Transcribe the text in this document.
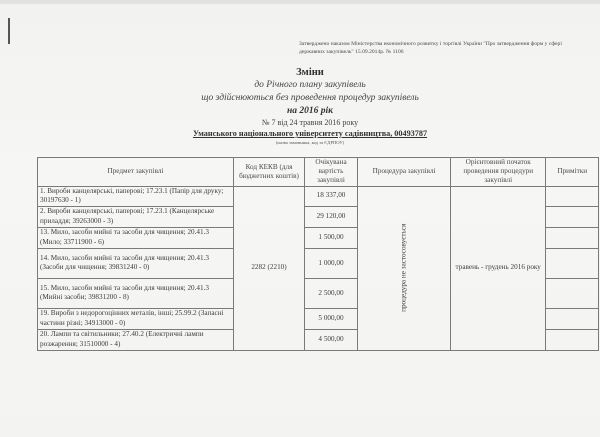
Затверджено наказом Міністерства економічного розвитку і торгівлі України "Про затвердження форм у сфері державних закупівель" 15.09.2014р. № 1106
Зміни
до Річного плану закупівель
що здійснюються без проведення процедур закупівель
на 2016 рік
№ 7 від 24 травня 2016 року
Уманського національного університету садівництва, 00493787
(назва замовника, код за ЄДРПОУ)
Предмет закупівлі	Код КЕКВ (для бюджетних коштів)	Очікувана вартість закупівлі	Процедура закупівлі	Орієнтовний початок проведення процедури закупівлі	Примітки
1. Вироби канцелярські, паперові; 17.23.1 (Папір для друку; 30197630 - 1)	2282 (2210)	18 337,00	процедура не застосовується	травень - грудень 2016 року	
2. Вироби канцелярські, паперові; 17.23.1 (Канцелярське приладдя; 39263000 - 3)		29 120,00			
13. Мило, засоби мийні та засоби для чищення; 20.41.3 (Мило; 33711900 - 6)		1 500,00			
14. Мило, засоби мийні та засоби для чищення; 20.41.3 (Засоби для чищення; 39831240 - 0)		1 000,00			
15. Мило, засоби мийні та засоби для чищення; 20.41.3 (Мийні засоби; 39831200 - 8)		2 500,00			
19. Вироби з недорогоцінних металів, інші; 25.99.2 (Запасні частини різні; 34913000 - 0)		5 000,00			
20. Лампи та світильники; 27.40.2 (Електричні лампи розжарення; 31510000 - 4)		4 500,00			
